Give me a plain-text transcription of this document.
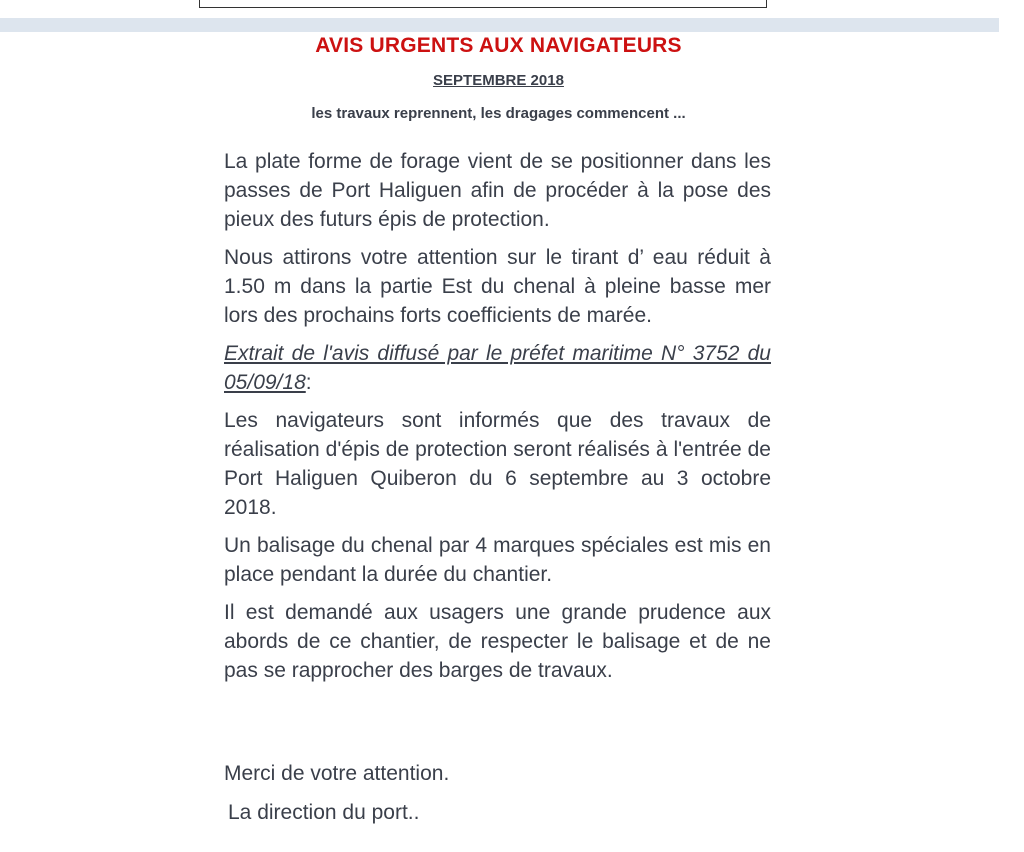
AVIS URGENTS AUX NAVIGATEURS
SEPTEMBRE 2018
les travaux reprennent, les dragages commencent ...

La plate forme de forage vient de se positionner dans les passes de Port Haliguen afin de procéder à la pose des pieux des futurs épis de protection.

Nous attirons votre attention sur le tirant d’ eau réduit à 1.50 m dans la partie Est du chenal à pleine basse mer lors des prochains forts coefficients de marée.

Extrait de l'avis diffusé par le préfet maritime N° 3752 du 05/09/18:

Les navigateurs sont informés que des travaux de réalisation d'épis de protection seront réalisés à l'entrée de Port Haliguen Quiberon du 6 septembre au 3 octobre 2018.

Un balisage du chenal par 4 marques spéciales est mis en place pendant la durée du chantier.

Il est demandé aux usagers une grande prudence aux abords de ce chantier, de respecter le balisage et de ne pas se rapprocher des barges de travaux.

Merci de votre attention.
La direction du port..
